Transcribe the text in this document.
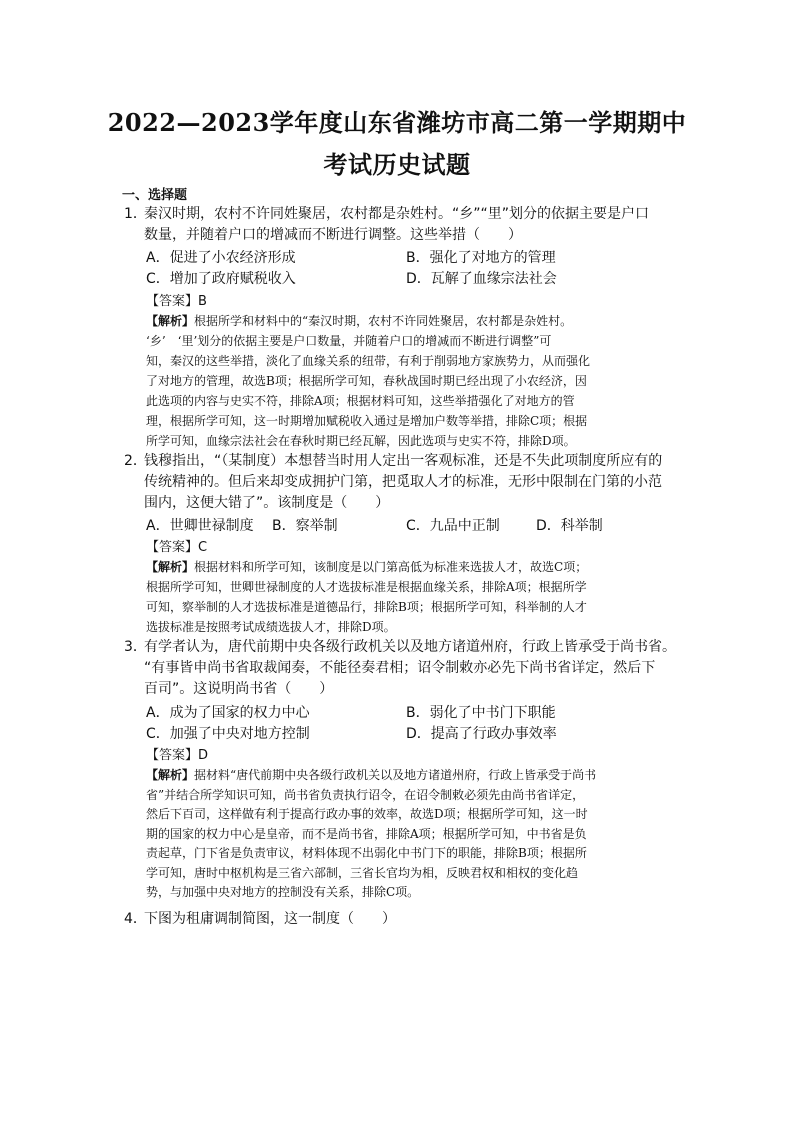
2022—2023学年度山东省潍坊市高二第一学期期中
考试历史试题
一、选择题
1．
秦汉时期，农村不许同姓聚居，农村都是杂姓村。“乡”“里”划分的依据主要是户口
数量，并随着户口的增减而不断进行调整。这些举措（　　）
A．促进了小农经济形成	B．强化了对地方的管理
C．增加了政府赋税收入	D．瓦解了血缘宗法社会
【答案】B
【解析】根据所学和材料中的“秦汉时期，农村不许同姓聚居，农村都是杂姓村。
‘乡’　‘里’划分的依据主要是户口数量，并随着户口的增减而不断进行调整”可
知，秦汉的这些举措，淡化了血缘关系的纽带，有利于削弱地方家族势力，从而强化
了对地方的管理，故选B项；根据所学可知，春秋战国时期已经出现了小农经济，因
此选项的内容与史实不符，排除A项；根据材料可知，这些举措强化了对地方的管
理，根据所学可知，这一时期增加赋税收入通过是增加户数等举措，排除C项；根据
所学可知，血缘宗法社会在春秋时期已经瓦解，因此选项与史实不符，排除D项。
2．
钱穆指出，“（某制度）本想替当时用人定出一客观标准，还是不失此项制度所应有的
传统精神的。但后来却变成拥护门第，把觅取人才的标准，无形中限制在门第的小范
围内，这便大错了”。该制度是（　　）
A．世卿世禄制度 B．察举制	C．九品中正制	D．科举制
【答案】C
【解析】根据材料和所学可知，该制度是以门第高低为标准来选拔人才，故选C项；
根据所学可知，世卿世禄制度的人才选拔标准是根据血缘关系，排除A项；根据所学
可知，察举制的人才选拔标准是道德品行，排除B项；根据所学可知，科举制的人才
选拔标准是按照考试成绩选拔人才，排除D项。
3．
有学者认为，唐代前期中央各级行政机关以及地方诸道州府，行政上皆承受于尚书省。
“有事皆申尚书省取裁闻奏，不能径奏君相；诏令制敕亦必先下尚书省详定，然后下
百司”。这说明尚书省（　　）
A．成为了国家的权力中心	B．弱化了中书门下职能
C．加强了中央对地方控制	D．提高了行政办事效率
【答案】D
【解析】据材料“唐代前期中央各级行政机关以及地方诸道州府，行政上皆承受于尚书
省”并结合所学知识可知，尚书省负责执行诏令，在诏令制敕必须先由尚书省详定，
然后下百司，这样做有利于提高行政办事的效率，故选D项；根据所学可知，这一时
期的国家的权力中心是皇帝，而不是尚书省，排除A项；根据所学可知，中书省是负
责起草，门下省是负责审议，材料体现不出弱化中书门下的职能，排除B项；根据所
学可知，唐时中枢机构是三省六部制，三省长官均为相，反映君权和相权的变化趋
势，与加强中央对地方的控制没有关系，排除C项。
4．
下图为租庸调制简图，这一制度（　　）
